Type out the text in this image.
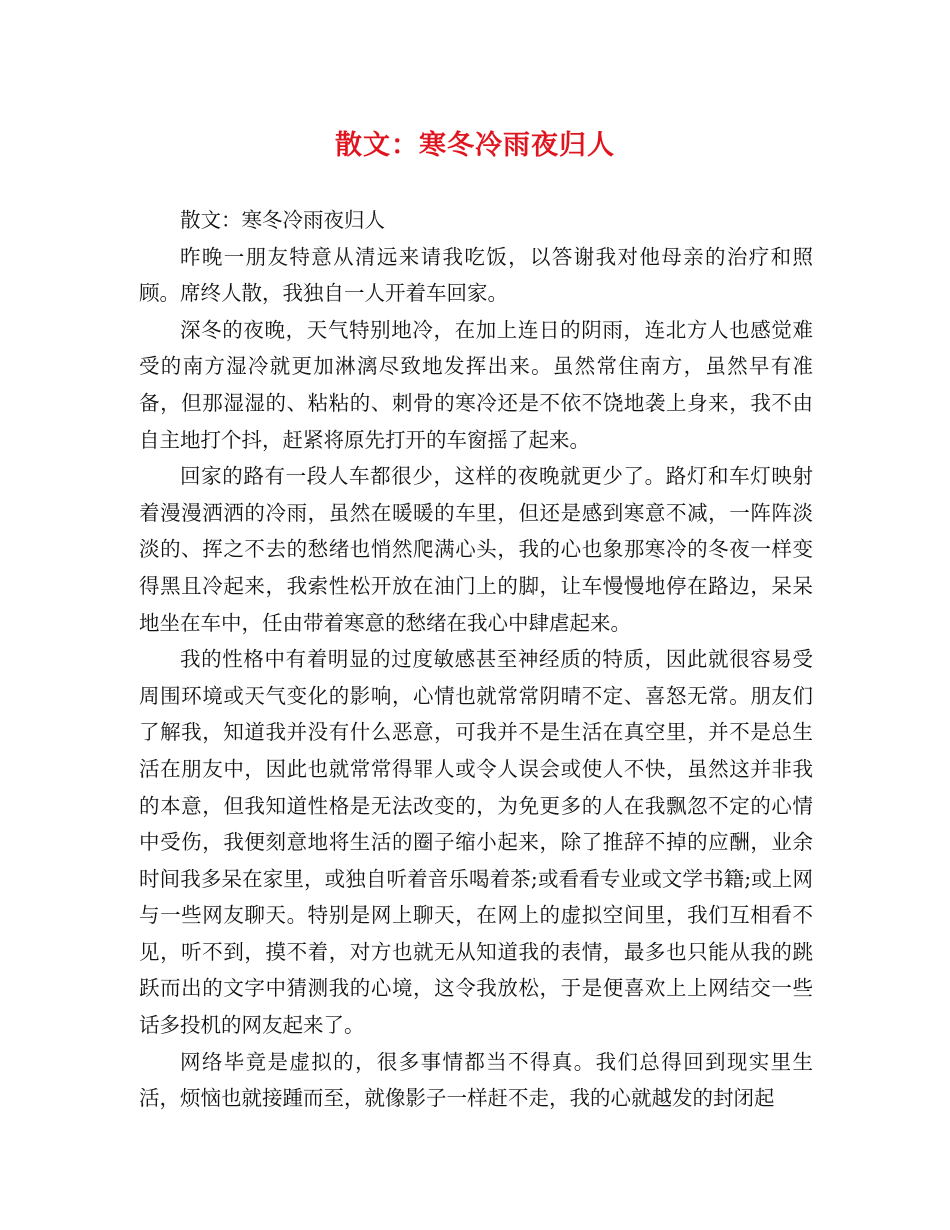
散文：寒冬冷雨夜归人

散文：寒冬冷雨夜归人

昨晚一朋友特意从清远来请我吃饭，以答谢我对他母亲的治疗和照顾。席终人散，我独自一人开着车回家。

深冬的夜晚，天气特别地冷，在加上连日的阴雨，连北方人也感觉难受的南方湿冷就更加淋漓尽致地发挥出来。虽然常住南方，虽然早有准备，但那湿湿的、粘粘的、刺骨的寒冷还是不依不饶地袭上身来，我不由自主地打个抖，赶紧将原先打开的车窗摇了起来。

回家的路有一段人车都很少，这样的夜晚就更少了。路灯和车灯映射着漫漫洒洒的冷雨，虽然在暖暖的车里，但还是感到寒意不减，一阵阵淡淡的、挥之不去的愁绪也悄然爬满心头，我的心也象那寒冷的冬夜一样变得黑且冷起来，我索性松开放在油门上的脚，让车慢慢地停在路边，呆呆地坐在车中，任由带着寒意的愁绪在我心中肆虐起来。

我的性格中有着明显的过度敏感甚至神经质的特质，因此就很容易受周围环境或天气变化的影响，心情也就常常阴晴不定、喜怒无常。朋友们了解我，知道我并没有什么恶意，可我并不是生活在真空里，并不是总生活在朋友中，因此也就常常得罪人或令人误会或使人不快，虽然这并非我的本意，但我知道性格是无法改变的，为免更多的人在我飘忽不定的心情中受伤，我便刻意地将生活的圈子缩小起来，除了推辞不掉的应酬，业余时间我多呆在家里，或独自听着音乐喝着茶;或看看专业或文学书籍;或上网与一些网友聊天。特别是网上聊天，在网上的虚拟空间里，我们互相看不见，听不到，摸不着，对方也就无从知道我的表情，最多也只能从我的跳跃而出的文字中猜测我的心境，这令我放松，于是便喜欢上上网结交一些话多投机的网友起来了。

网络毕竟是虚拟的，很多事情都当不得真。我们总得回到现实里生活，烦恼也就接踵而至，就像影子一样赶不走，我的心就越发的封闭起
